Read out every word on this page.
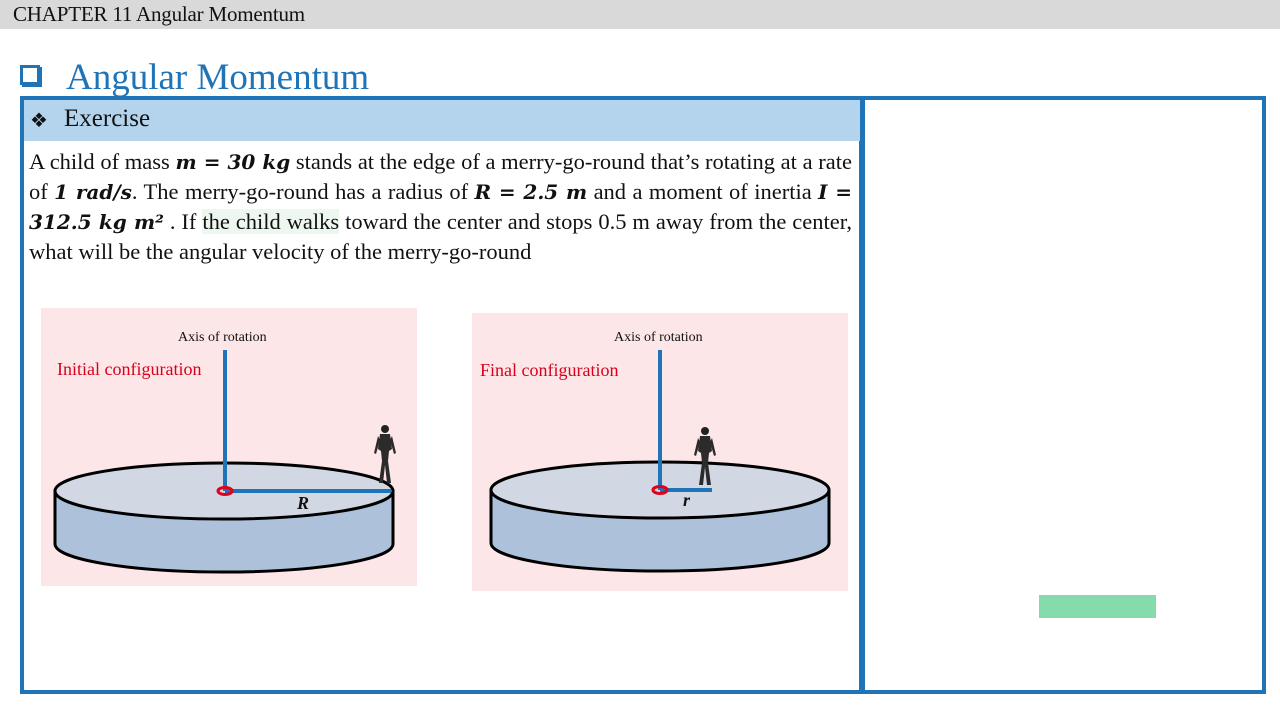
CHAPTER 11 Angular Momentum
Angular Momentum
❖ Exercise
A child of mass m = 30 kg stands at the edge of a merry-go-round that’s rotating at a rate of 1 rad/s. The merry-go-round has a radius of R = 2.5 m and a moment of inertia I = 312.5 kg m² . If the child walks toward the center and stops 0.5 m away from the center, what will be the angular velocity of the merry-go-round
Axis of rotation
Initial configuration
R
Axis of rotation
Final configuration
r
